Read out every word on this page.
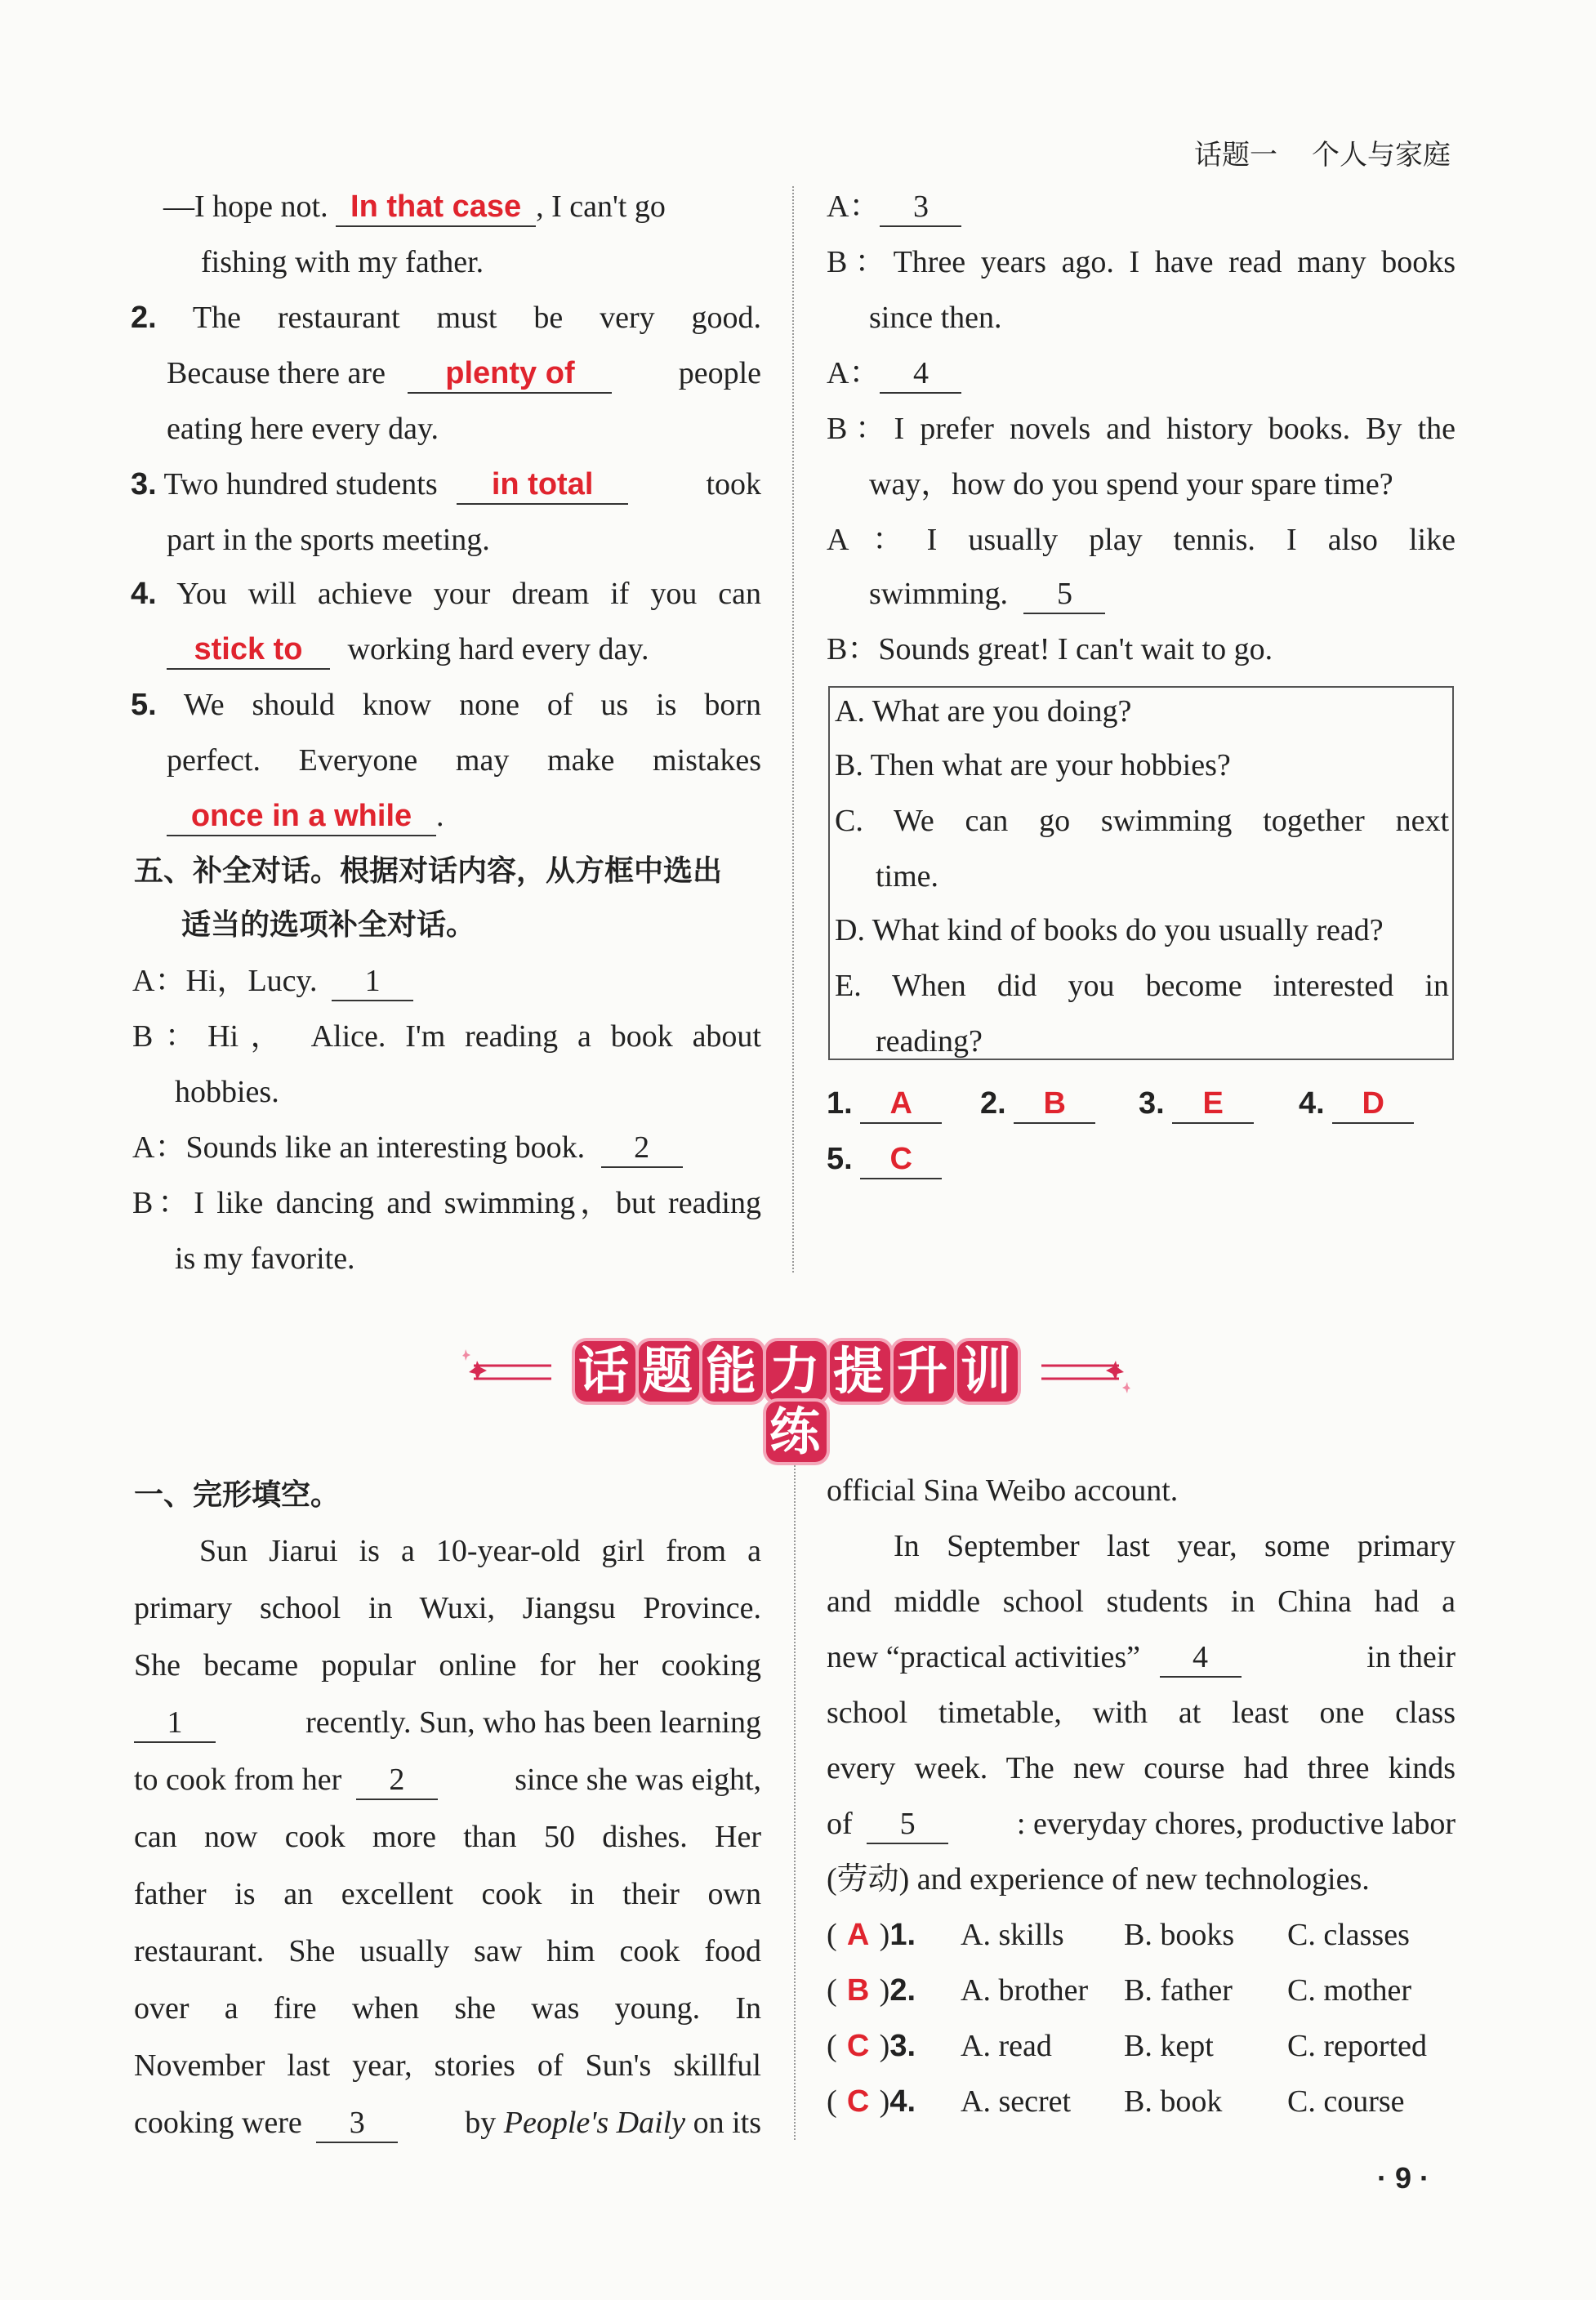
话题一 个人与家庭
—I hope not. In that case , I can't go
fishing with my father.
2. The restaurant must be very good.
Because there are plenty of	people
eating here every day.
3. Two hundred students in total	took
part in the sports meeting.
4. You will achieve your dream if you can
stick to working hard every day.
5. We should know none of us is born
perfect. Everyone may make mistakes
once in a while .
五、补全对话。根据对话内容，从方框中选出
适当的选项补全对话。
A：Hi，Lucy. 1
B：Hi， Alice. I'm reading a book about
hobbies.
A：Sounds like an interesting book. 2
B：I like dancing and swimming，but reading
is my favorite.
A： 3
B：Three years ago. I have read many books
since then.
A： 4
B：I prefer novels and history books. By the
way，how do you spend your spare time?
A：I usually play tennis. I also like
swimming. 5
B：Sounds great! I can't wait to go.
A. What are you doing?
B. Then what are your hobbies?
C. We can go swimming together next
time.
D. What kind of books do you usually read?
E. When did you become interested in
reading?
1. A	2. B	3. E	4. D
5. C
话 题 能 力 提 升 训练
一、完形填空。
Sun Jiarui is a 10-year-old girl from a
primary school in Wuxi, Jiangsu Province.
She became popular online for her cooking
1	recently. Sun, who has been learning
to cook from her 2	since she was eight,
can now cook more than 50 dishes. Her
father is an excellent cook in their own
restaurant. She usually saw him cook food
over a fire when she was young. In
November last year, stories of Sun's skillful
cooking were 3	by People's Daily on its
official Sina Weibo account.
In September last year, some primary
and middle school students in China had a
new “practical activities” 4	in their
school timetable, with at least one class
every week. The new course had three kinds
of 5	: everyday chores, productive labor
(劳动) and experience of new technologies.
( A )1. A. skills B. books C. classes
( B )2. A. brother B. father C. mother
( C )3. A. read B. kept C. reported
( C )4. A. secret B. book C. course
· 9 ·
